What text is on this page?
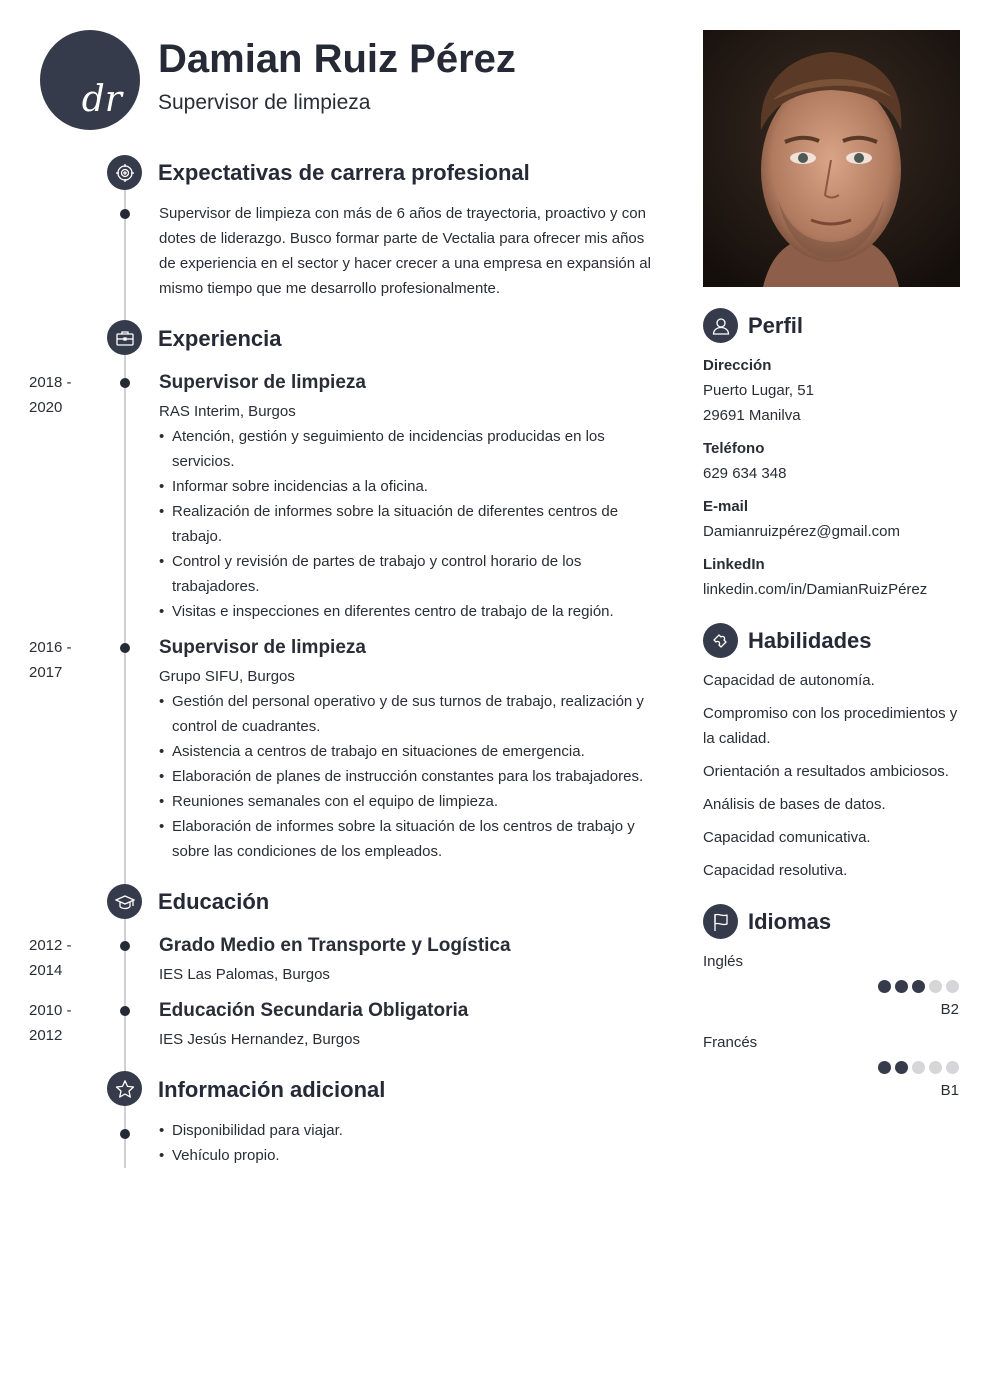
dr
Damian Ruiz Pérez
Supervisor de limpieza
Expectativas de carrera profesional
Supervisor de limpieza con más de 6 años de trayectoria, proactivo y con dotes de liderazgo. Busco formar parte de Vectalia para ofrecer mis años de experiencia en el sector y hacer crecer a una empresa en expansión al mismo tiempo que me desarrollo profesionalmente.
Experiencia
2018 - 2020
Supervisor de limpieza
RAS Interim, Burgos
• Atención, gestión y seguimiento de incidencias producidas en los servicios.
• Informar sobre incidencias a la oficina.
• Realización de informes sobre la situación de diferentes centros de trabajo.
• Control y revisión de partes de trabajo y control horario de los trabajadores.
• Visitas e inspecciones en diferentes centro de trabajo de la región.
2016 - 2017
Supervisor de limpieza
Grupo SIFU, Burgos
• Gestión del personal operativo y de sus turnos de trabajo, realización y control de cuadrantes.
• Asistencia a centros de trabajo en situaciones de emergencia.
• Elaboración de planes de instrucción constantes para los trabajadores.
• Reuniones semanales con el equipo de limpieza.
• Elaboración de informes sobre la situación de los centros de trabajo y sobre las condiciones de los empleados.
Educación
2012 - 2014
Grado Medio en Transporte y Logística
IES Las Palomas, Burgos
2010 - 2012
Educación Secundaria Obligatoria
IES Jesús Hernandez, Burgos
Información adicional
• Disponibilidad para viajar.
• Vehículo propio.
Perfil
Dirección
Puerto Lugar, 51
29691 Manilva
Teléfono
629 634 348
E-mail
Damianruizpérez@gmail.com
LinkedIn
linkedin.com/in/DamianRuizPérez
Habilidades
Capacidad de autonomía.
Compromiso con los procedimientos y la calidad.
Orientación a resultados ambiciosos.
Análisis de bases de datos.
Capacidad comunicativa.
Capacidad resolutiva.
Idiomas
Inglés
B2
Francés
B1
